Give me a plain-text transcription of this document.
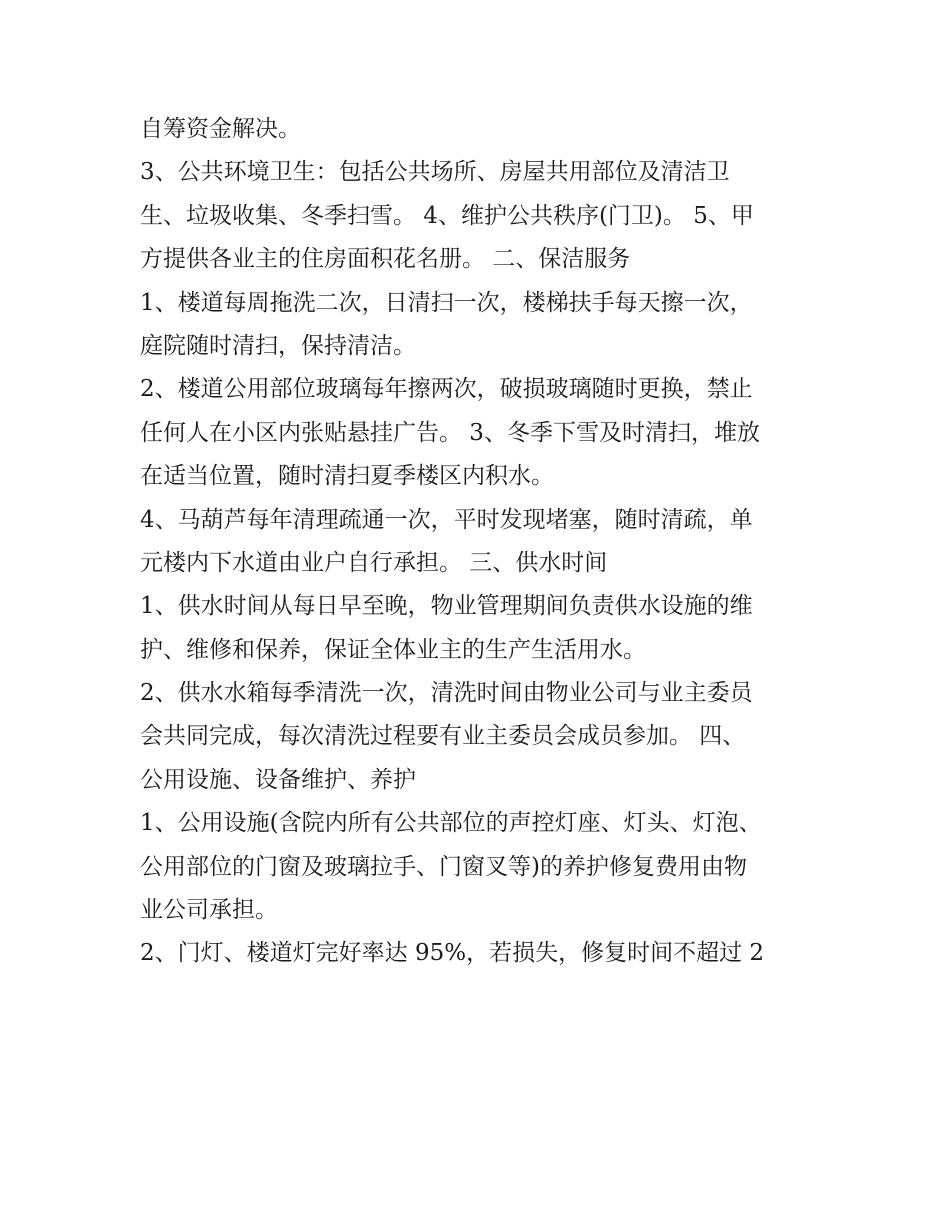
自筹资金解决。
3、公共环境卫生：包括公共场所、房屋共用部位及清洁卫
生、垃圾收集、冬季扫雪。 4、维护公共秩序(门卫)。 5、甲
方提供各业主的住房面积花名册。 二、保洁服务
1、楼道每周拖洗二次，日清扫一次，楼梯扶手每天擦一次，
庭院随时清扫，保持清洁。
2、楼道公用部位玻璃每年擦两次，破损玻璃随时更换，禁止
任何人在小区内张贴悬挂广告。 3、冬季下雪及时清扫，堆放
在适当位置，随时清扫夏季楼区内积水。
4、马葫芦每年清理疏通一次，平时发现堵塞，随时清疏，单
元楼内下水道由业户自行承担。 三、供水时间
1、供水时间从每日早至晚，物业管理期间负责供水设施的维
护、维修和保养，保证全体业主的生产生活用水。
2、供水水箱每季清洗一次，清洗时间由物业公司与业主委员
会共同完成，每次清洗过程要有业主委员会成员参加。 四、
公用设施、设备维护、养护
1、公用设施(含院内所有公共部位的声控灯座、灯头、灯泡、
公用部位的门窗及玻璃拉手、门窗叉等)的养护修复费用由物
业公司承担。
2、门灯、楼道灯完好率达 95%，若损失，修复时间不超过 2
